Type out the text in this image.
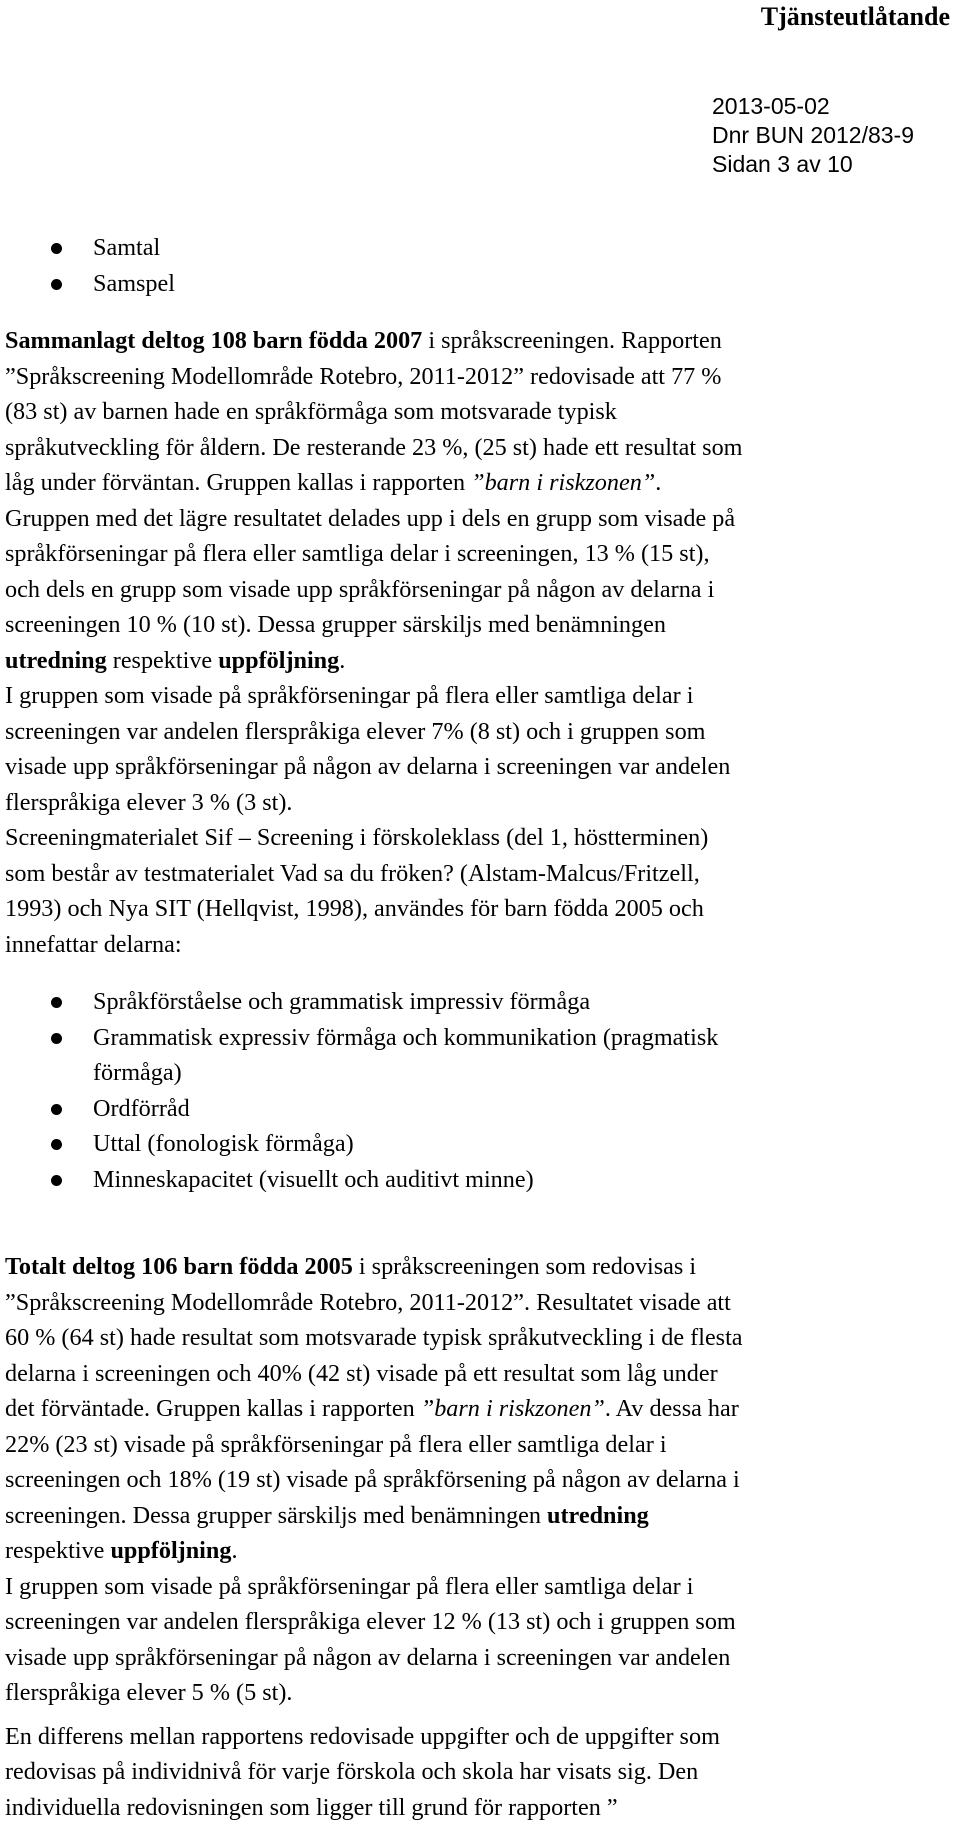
Tjänsteutlåtande
2013-05-02
Dnr BUN 2012/83-9
Sidan 3 av 10
Samtal
Samspel
Sammanlagt deltog 108 barn födda 2007 i språkscreeningen. Rapporten
”Språkscreening Modellområde Rotebro, 2011-2012” redovisade att 77 %
(83 st) av barnen hade en språkförmåga som motsvarade typisk
språkutveckling för åldern. De resterande 23 %, (25 st) hade ett resultat som
låg under förväntan. Gruppen kallas i rapporten ”barn i riskzonen”.
Gruppen med det lägre resultatet delades upp i dels en grupp som visade på
språkförseningar på flera eller samtliga delar i screeningen, 13 % (15 st),
och dels en grupp som visade upp språkförseningar på någon av delarna i
screeningen 10 % (10 st). Dessa grupper särskiljs med benämningen
utredning respektive uppföljning.
I gruppen som visade på språkförseningar på flera eller samtliga delar i
screeningen var andelen flerspråkiga elever 7% (8 st) och i gruppen som
visade upp språkförseningar på någon av delarna i screeningen var andelen
flerspråkiga elever 3 % (3 st).
Screeningmaterialet Sif – Screening i förskoleklass (del 1, höstterminen)
som består av testmaterialet Vad sa du fröken? (Alstam-Malcus/Fritzell,
1993) och Nya SIT (Hellqvist, 1998), användes för barn födda 2005 och
innefattar delarna:
Språkförståelse och grammatisk impressiv förmåga
Grammatisk expressiv förmåga och kommunikation (pragmatisk
förmåga)
Ordförråd
Uttal (fonologisk förmåga)
Minneskapacitet (visuellt och auditivt minne)
Totalt deltog 106 barn födda 2005 i språkscreeningen som redovisas i
”Språkscreening Modellområde Rotebro, 2011-2012”. Resultatet visade att
60 % (64 st) hade resultat som motsvarade typisk språkutveckling i de flesta
delarna i screeningen och 40% (42 st) visade på ett resultat som låg under
det förväntade. Gruppen kallas i rapporten ”barn i riskzonen”. Av dessa har
22% (23 st) visade på språkförseningar på flera eller samtliga delar i
screeningen och 18% (19 st) visade på språkförsening på någon av delarna i
screeningen. Dessa grupper särskiljs med benämningen utredning
respektive uppföljning.
I gruppen som visade på språkförseningar på flera eller samtliga delar i
screeningen var andelen flerspråkiga elever 12 % (13 st) och i gruppen som
visade upp språkförseningar på någon av delarna i screeningen var andelen
flerspråkiga elever 5 % (5 st).
En differens mellan rapportens redovisade uppgifter och de uppgifter som
redovisas på individnivå för varje förskola och skola har visats sig. Den
individuella redovisningen som ligger till grund för rapporten ”
